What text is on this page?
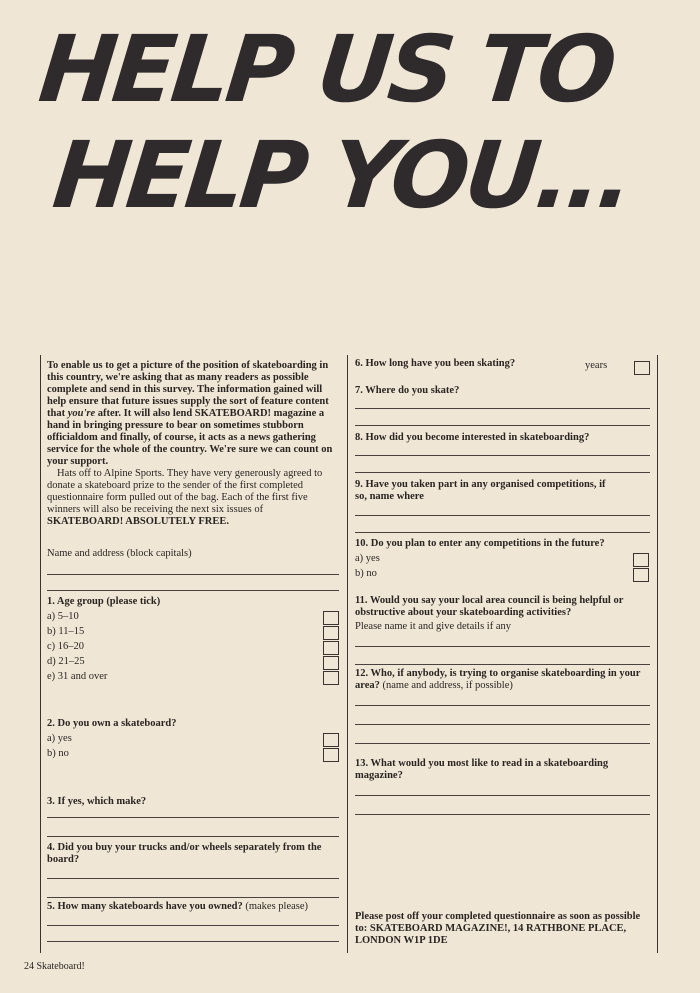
HELP US TO
HELP YOU...

To enable us to get a picture of the position of skateboarding in this country, we're asking that as many readers as possible complete and send in this survey. The information gained will help ensure that future issues supply the sort of feature content that you're after. It will also lend SKATEBOARD! magazine a hand in bringing pressure to bear on sometimes stubborn officialdom and finally, of course, it acts as a news gathering service for the whole of the country. We're sure we can count on your support.

Hats off to Alpine Sports. They have very generously agreed to donate a skateboard prize to the sender of the first completed questionnaire form pulled out of the bag. Each of the first five winners will also be receiving the next six issues of SKATEBOARD! ABSOLUTELY FREE.

Name and address (block capitals)
1. Age group (please tick)
a) 5–10
b) 11–15
c) 16–20
d) 21–25
e) 31 and over
2. Do you own a skateboard?
a) yes
b) no
3. If yes, which make?
4. Did you buy your trucks and/or wheels separately from the board?
5. How many skateboards have you owned? (makes please)
6. How long have you been skating?	years
7. Where do you skate?
8. How did you become interested in skateboarding?
9. Have you taken part in any organised competitions, if so, name where
10. Do you plan to enter any competitions in the future?
a) yes
b) no
11. Would you say your local area council is being helpful or obstructive about your skateboarding activities?
Please name it and give details if any
12. Who, if anybody, is trying to organise skateboarding in your area? (name and address, if possible)
13. What would you most like to read in a skateboarding magazine?
Please post off your completed questionnaire as soon as possible to: SKATEBOARD MAGAZINE!, 14 RATHBONE PLACE, LONDON W1P 1DE
24 Skateboard!
